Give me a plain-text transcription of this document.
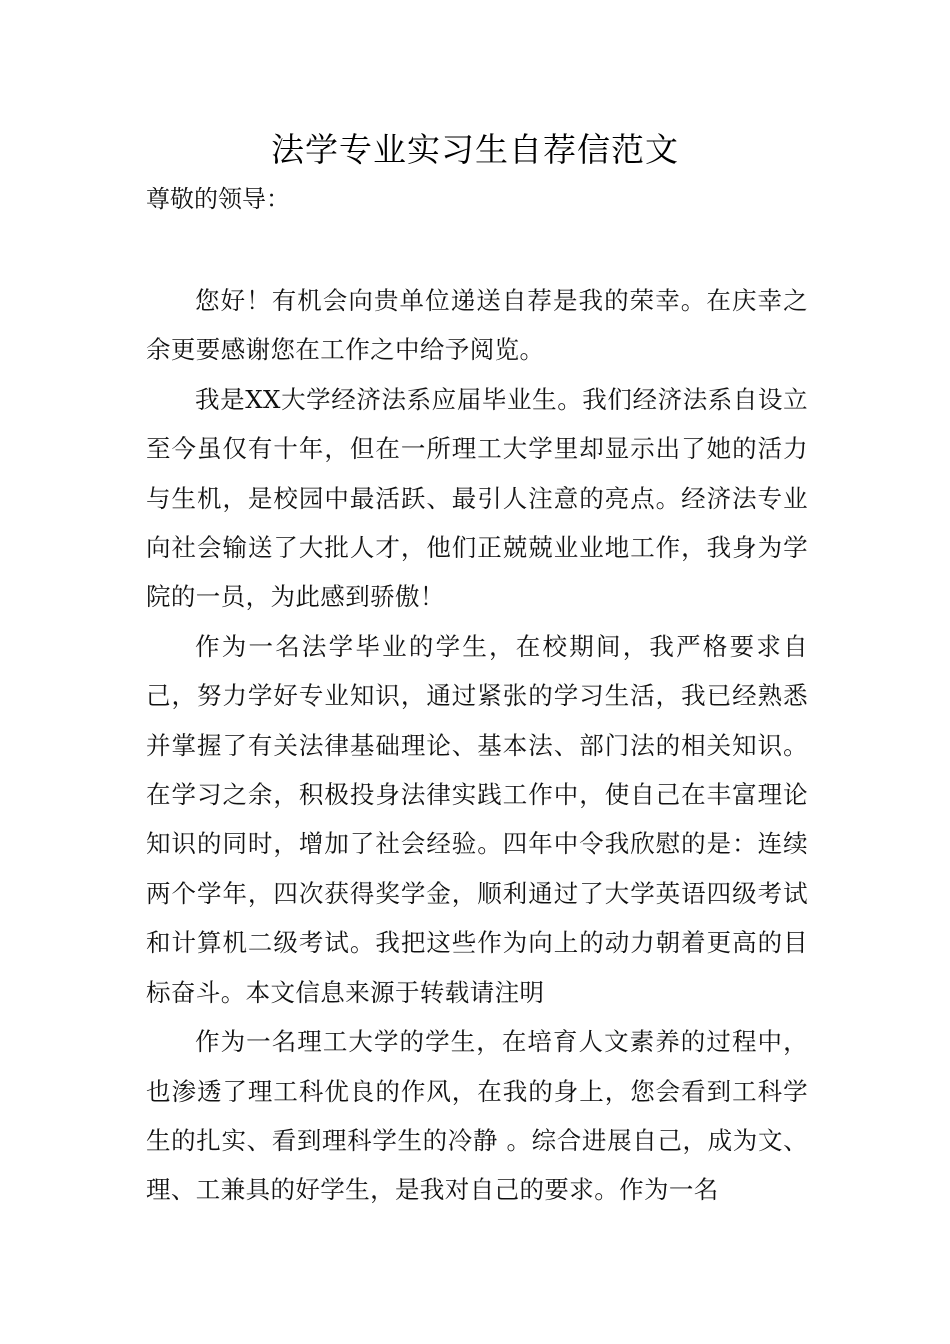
法学专业实习生自荐信范文
尊敬的领导：

您好！有机会向贵单位递送自荐是我的荣幸。在庆幸之余更要感谢您在工作之中给予阅览。

我是XX大学经济法系应届毕业生。我们经济法系自设立至今虽仅有十年，但在一所理工大学里却显示出了她的活力与生机，是校园中最活跃、最引人注意的亮点。经济法专业向社会输送了大批人才，他们正兢兢业业地工作，我身为学院的一员，为此感到骄傲！

作为一名法学毕业的学生，在校期间，我严格要求自己，努力学好专业知识，通过紧张的学习生活，我已经熟悉并掌握了有关法律基础理论、基本法、部门法的相关知识。在学习之余，积极投身法律实践工作中，使自己在丰富理论知识的同时，增加了社会经验。四年中令我欣慰的是：连续两个学年，四次获得奖学金，顺利通过了大学英语四级考试和计算机二级考试。我把这些作为向上的动力朝着更高的目标奋斗。本文信息来源于转载请注明

作为一名理工大学的学生，在培育人文素养的过程中，也渗透了理工科优良的作风，在我的身上，您会看到工科学生的扎实、看到理科学生的冷静 。综合进展自己，成为文、理、工兼具的好学生，是我对自己的要求。作为一名
